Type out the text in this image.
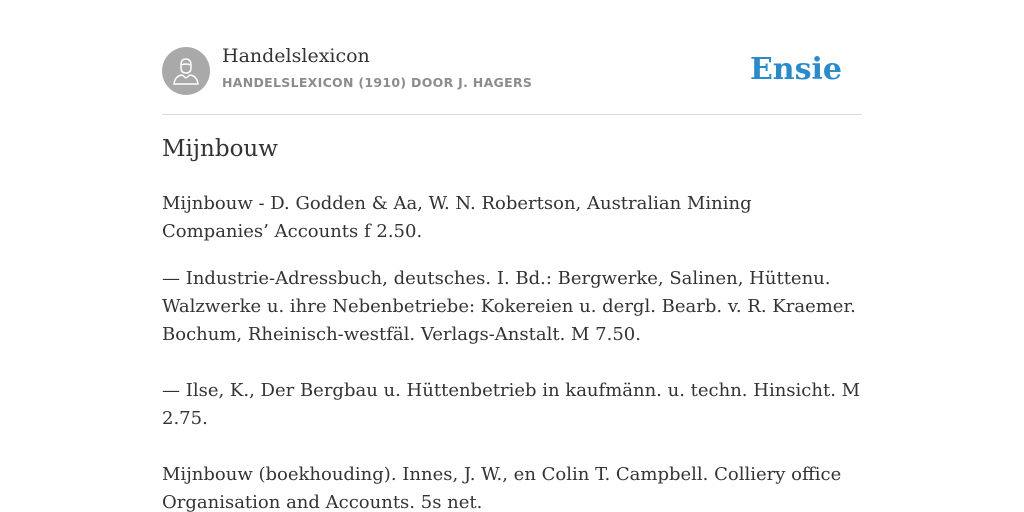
Handelslexicon
HANDELSLEXICON (1910) DOOR J. HAGERS	Ensie
Mijnbouw

Mijnbouw - D. Godden & Aa, W. N. Robertson, Australian Mining Companies’ Accounts f 2.50.

— Industrie-Adressbuch, deutsches. I. Bd.: Bergwerke, Salinen, Hüttenu. Walzwerke u. ihre Nebenbetriebe: Kokereien u. dergl. Bearb. v. R. Kraemer. Bochum, Rheinisch-westfäl. Verlags-Anstalt. M 7.50.

— Ilse, K., Der Bergbau u. Hüttenbetrieb in kaufmänn. u. techn. Hinsicht. M 2.75.

Mijnbouw (boekhouding). Innes, J. W., en Colin T. Campbell. Colliery office Organisation and Accounts. 5s net.
